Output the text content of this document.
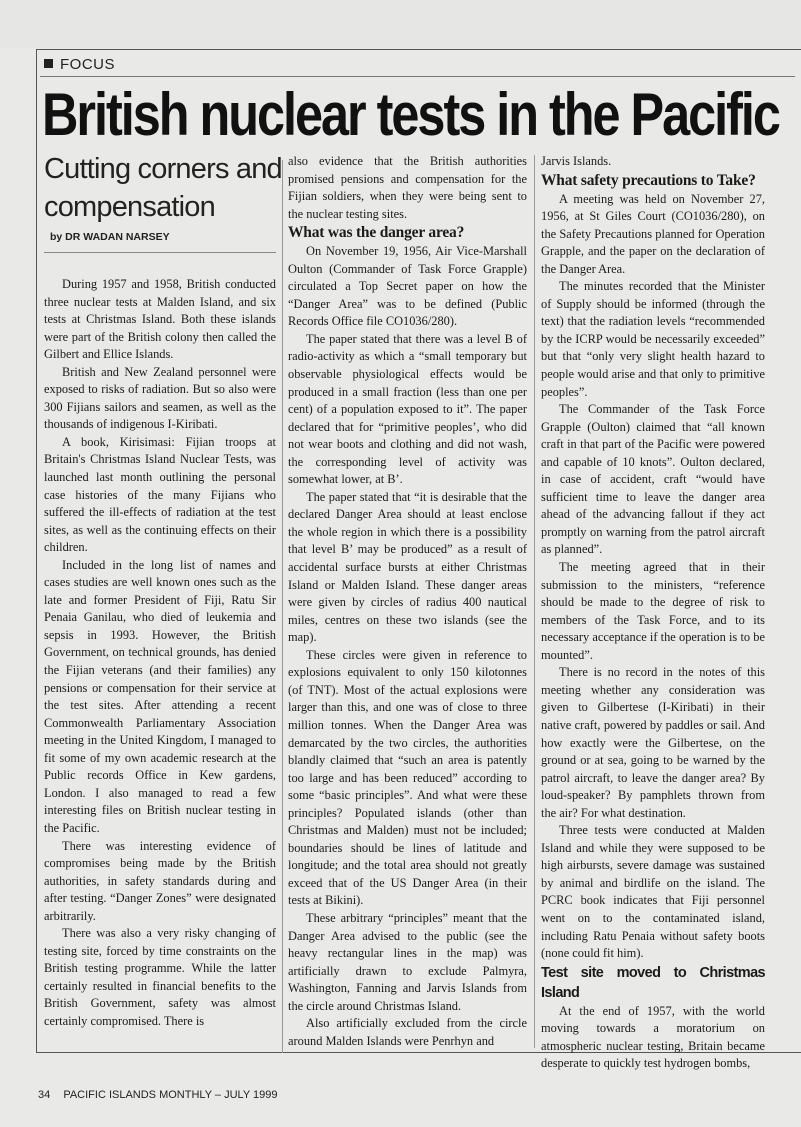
FOCUS
British nuclear tests in the Pacific
Cutting corners and compensation
by DR WADAN NARSEY

During 1957 and 1958, British conducted three nuclear tests at Malden Island, and six tests at Christmas Island. Both these islands were part of the British colony then called the Gilbert and Ellice Islands.

British and New Zealand personnel were exposed to risks of radiation. But so also were 300 Fijians sailors and seamen, as well as the thousands of indigenous I-Kiribati.

A book, Kirisimasi: Fijian troops at Britain's Christmas Island Nuclear Tests, was launched last month outlining the personal case histories of the many Fijians who suffered the ill-effects of radiation at the test sites, as well as the continuing effects on their children.

Included in the long list of names and cases studies are well known ones such as the late and former President of Fiji, Ratu Sir Penaia Ganilau, who died of leukemia and sepsis in 1993. However, the British Government, on technical grounds, has denied the Fijian veterans (and their families) any pensions or compensation for their service at the test sites. After attending a recent Commonwealth Parliamentary Association meeting in the United Kingdom, I managed to fit some of my own academic research at the Public records Office in Kew gardens, London. I also managed to read a few interesting files on British nuclear testing in the Pacific.

There was interesting evidence of compromises being made by the British authorities, in safety standards during and after testing. “Danger Zones” were designated arbitrarily.

There was also a very risky changing of testing site, forced by time constraints on the British testing programme. While the latter certainly resulted in financial benefits to the British Government, safety was almost certainly compromised. There is

also evidence that the British authorities promised pensions and compensation for the Fijian soldiers, when they were being sent to the nuclear testing sites.

What was the danger area?

On November 19, 1956, Air Vice-Marshall Oulton (Commander of Task Force Grapple) circulated a Top Secret paper on how the “Danger Area” was to be defined (Public Records Office file CO1036/280).

The paper stated that there was a level B of radio-activity as which a “small temporary but observable physiological effects would be produced in a small fraction (less than one per cent) of a population exposed to it”. The paper declared that for “primitive peoples’, who did not wear boots and clothing and did not wash, the corresponding level of activity was somewhat lower, at B’.

The paper stated that “it is desirable that the declared Danger Area should at least enclose the whole region in which there is a possibility that level B’ may be produced” as a result of accidental surface bursts at either Christmas Island or Malden Island. These danger areas were given by circles of radius 400 nautical miles, centres on these two islands (see the map).

These circles were given in reference to explosions equivalent to only 150 kilotonnes (of TNT). Most of the actual explosions were larger than this, and one was of close to three million tonnes. When the Danger Area was demarcated by the two circles, the authorities blandly claimed that “such an area is patently too large and has been reduced” according to some “basic principles”. And what were these principles? Populated islands (other than Christmas and Malden) must not be included; boundaries should be lines of latitude and longitude; and the total area should not greatly exceed that of the US Danger Area (in their tests at Bikini).

These arbitrary “principles” meant that the Danger Area advised to the public (see the heavy rectangular lines in the map) was artificially drawn to exclude Palmyra, Washington, Fanning and Jarvis Islands from the circle around Christmas Island.

Also artificially excluded from the circle around Malden Islands were Penrhyn and

Jarvis Islands.

What safety precautions to Take?

A meeting was held on November 27, 1956, at St Giles Court (CO1036/280), on the Safety Precautions planned for Operation Grapple, and the paper on the declaration of the Danger Area.

The minutes recorded that the Minister of Supply should be informed (through the text) that the radiation levels “recommended by the ICRP would be necessarily exceeded” but that “only very slight health hazard to people would arise and that only to primitive peoples”.

The Commander of the Task Force Grapple (Oulton) claimed that “all known craft in that part of the Pacific were powered and capable of 10 knots”. Oulton declared, in case of accident, craft “would have sufficient time to leave the danger area ahead of the advancing fallout if they act promptly on warning from the patrol aircraft as planned”.

The meeting agreed that in their submission to the ministers, “reference should be made to the degree of risk to members of the Task Force, and to its necessary acceptance if the operation is to be mounted”.

There is no record in the notes of this meeting whether any consideration was given to Gilbertese (I-Kiribati) in their native craft, powered by paddles or sail. And how exactly were the Gilbertese, on the ground or at sea, going to be warned by the patrol aircraft, to leave the danger area? By loud-speaker? By pamphlets thrown from the air? For what destination.

Three tests were conducted at Malden Island and while they were supposed to be high airbursts, severe damage was sustained by animal and birdlife on the island. The PCRC book indicates that Fiji personnel went on to the contaminated island, including Ratu Penaia without safety boots (none could fit him).

Test site moved to Christmas Island

At the end of 1957, with the world moving towards a moratorium on atmospheric nuclear testing, Britain became desperate to quickly test hydrogen bombs,

34 PACIFIC ISLANDS MONTHLY – JULY 1999
